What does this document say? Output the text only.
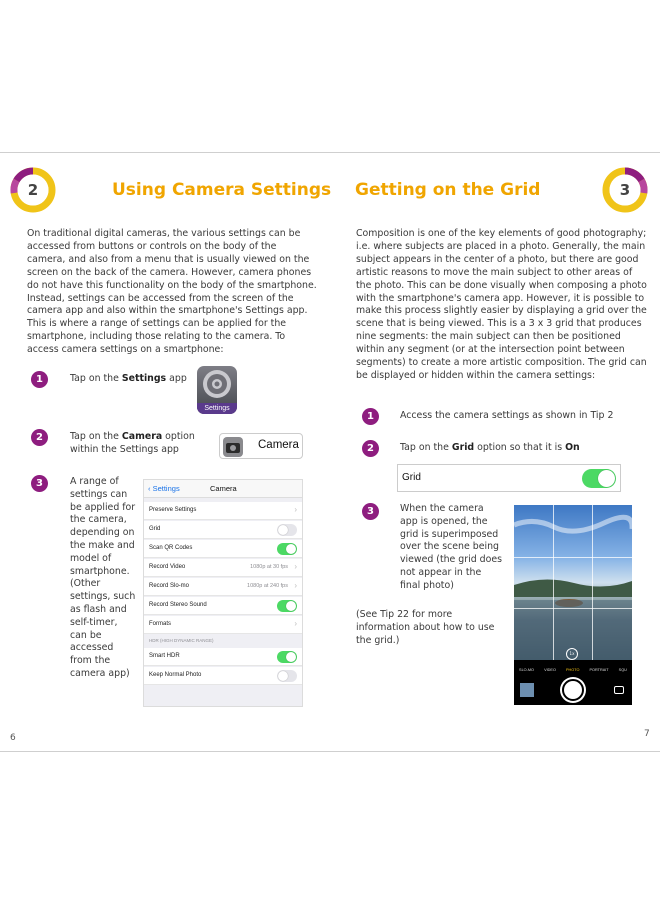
2	Using Camera Settings
On traditional digital cameras, the various settings can be accessed from buttons or controls on the body of the camera, and also from a menu that is usually viewed on the screen on the back of the camera. However, camera phones do not have this functionality on the body of the smartphone. Instead, settings can be accessed from the screen of the camera app and also within the smartphone's Settings app. This is where a range of settings can be applied for the smartphone, including those relating to the camera. To access camera settings on a smartphone:
1	Tap on the Settings app
Settings
2	Tap on the Camera option within the Settings app	Camera
3	A range of settings can be applied for the camera, depending on the make and model of smartphone. (Other settings, such as flash and self-timer, can be accessed from the camera app)
‹ Settings	Camera
Preserve Settings	›
Grid
Scan QR Codes
Record Video	1080p at 30 fps ›
Record Slo-mo	1080p at 240 fps ›
Record Stereo Sound
Formats	›
HDR (HIGH DYNAMIC RANGE)
Smart HDR
Keep Normal Photo
6
Getting on the Grid	3
Composition is one of the key elements of good photography; i.e. where subjects are placed in a photo. Generally, the main subject appears in the center of a photo, but there are good artistic reasons to move the main subject to other areas of the photo. This can be done visually when composing a photo with the smartphone's camera app. However, it is possible to make this process slightly easier by displaying a grid over the scene that is being viewed. This is a 3 x 3 grid that produces nine segments: the main subject can then be positioned within any segment (or at the intersection point between segments) to create a more artistic composition. The grid can be displayed or hidden within the camera settings:
1	Access the camera settings as shown in Tip 2
2	Tap on the Grid option so that it is On
3	When the camera app is opened, the grid is superimposed over the scene being viewed (the grid does not appear in the final photo)
(See Tip 22 for more information about how to use the grid.)
7
Grid
1x
SLO-MO	VIDEO	PHOTO	PORTRAIT	SQU
